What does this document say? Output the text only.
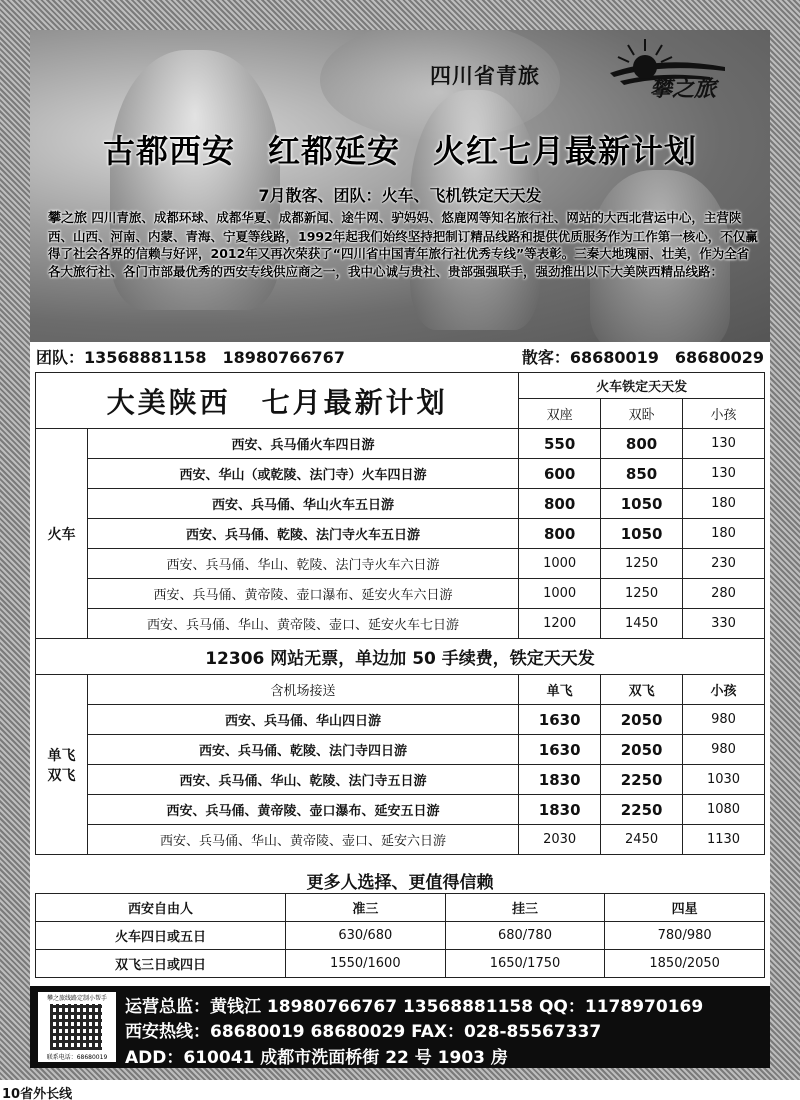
四川省青旅	攀之旅
古都西安　红都延安　火红七月最新计划
7月散客、团队：火车、飞机铁定天天发
攀之旅 四川青旅、成都环球、成都华夏、成都新闻、途牛网、驴妈妈、悠鹿网等知名旅行社、网站的大西北营运中心，主营陕西、山西、河南、内蒙、青海、宁夏等线路，1992年起我们始终坚持把制订精品线路和提供优质服务作为工作第一核心，不仅赢得了社会各界的信赖与好评，2012年又再次荣获了“四川省中国青年旅行社优秀专线”等表彰。三秦大地瑰丽、壮美，作为全省各大旅行社、各门市部最优秀的西安专线供应商之一，我中心诚与贵社、贵部强强联手，强劲推出以下大美陕西精品线路：
团队：13568881158　18980766767	散客：68680019　68680029
大美陕西　七月最新计划		火车铁定天天发		
		双座	双卧	小孩
火车	西安、兵马俑火车四日游	550	800	130
	西安、华山（或乾陵、法门寺）火车四日游	600	850	130
	西安、兵马俑、华山火车五日游	800	1050	180
	西安、兵马俑、乾陵、法门寺火车五日游	800	1050	180
	西安、兵马俑、华山、乾陵、法门寺火车六日游	1000	1250	230
	西安、兵马俑、黄帝陵、壶口瀑布、延安火车六日游	1000	1250	280
	西安、兵马俑、华山、黄帝陵、壶口、延安火车七日游	1200	1450	330
12306 网站无票，单边加 50 手续费，铁定天天发				
单飞
双飞	含机场接送	单飞	双飞	小孩
	西安、兵马俑、华山四日游	1630	2050	980
	西安、兵马俑、乾陵、法门寺四日游	1630	2050	980
	西安、兵马俑、华山、乾陵、法门寺五日游	1830	2250	1030
	西安、兵马俑、黄帝陵、壶口瀑布、延安五日游	1830	2250	1080
	西安、兵马俑、华山、黄帝陵、壶口、延安六日游	2030	2450	1130
更多人选择、更值得信赖
西安自由人	准三	挂三	四星
火车四日或五日	630/680	680/780	780/980
双飞三日或四日	1550/1600	1650/1750	1850/2050
攀之旅线路定制小帮手
联系电话：68680019
运营总监：黄钱江 18980766767 13568881158 QQ：1178970169
西安热线：68680019 68680029 FAX：028-85567337
ADD：610041 成都市洗面桥街 22 号 1903 房
10省外长线
